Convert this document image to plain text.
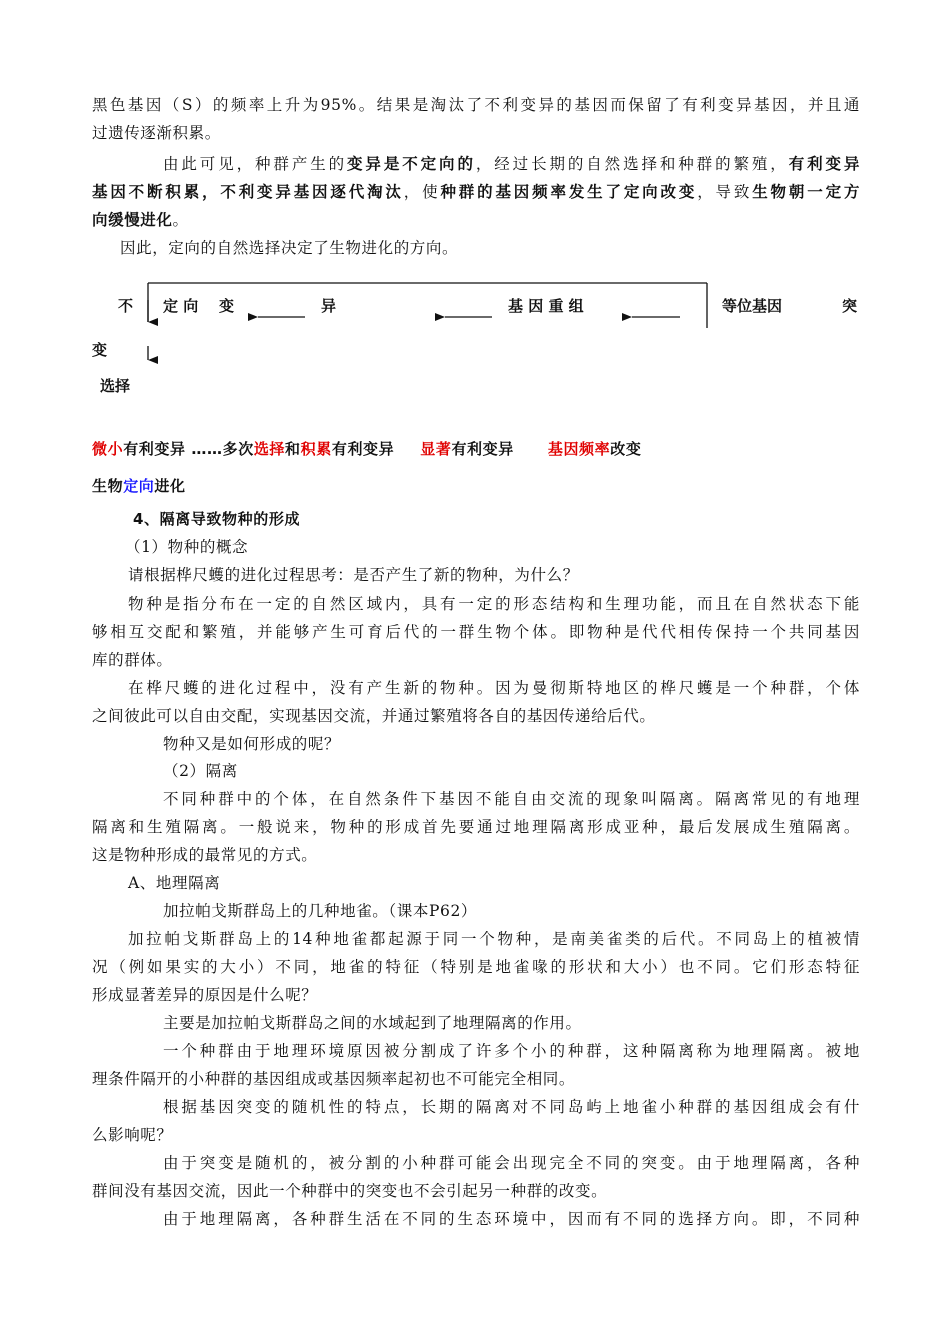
黑色基因（S）的频率上升为95%。结果是淘汰了不利变异的基因而保留了有利变异基因，并且通
过遗传逐渐积累。
由此可见，种群产生的变异是不定向的，经过长期的自然选择和种群的繁殖，有利变异
基因不断积累，不利变异基因逐代淘汰，使种群的基因频率发生了定向改变，导致生物朝一定方
向缓慢进化。
因此，定向的自然选择决定了生物进化的方向。
不 定 向 变	异	基 因 重 组	等位基因	突
变
选择
微小有利变异 ……多次选择和积累有利变异 显著有利变异 基因频率改变
生物定向进化
4、隔离导致物种的形成
（1）物种的概念
请根据桦尺蠖的进化过程思考：是否产生了新的物种，为什么？
物种是指分布在一定的自然区域内，具有一定的形态结构和生理功能，而且在自然状态下能
够相互交配和繁殖，并能够产生可育后代的一群生物个体。即物种是代代相传保持一个共同基因
库的群体。
在桦尺蠖的进化过程中，没有产生新的物种。因为曼彻斯特地区的桦尺蠖是一个种群，个体
之间彼此可以自由交配，实现基因交流，并通过繁殖将各自的基因传递给后代。
物种又是如何形成的呢？
（2）隔离
不同种群中的个体，在自然条件下基因不能自由交流的现象叫隔离。隔离常见的有地理
隔离和生殖隔离。一般说来，物种的形成首先要通过地理隔离形成亚种，最后发展成生殖隔离。
这是物种形成的最常见的方式。
A、地理隔离
加拉帕戈斯群岛上的几种地雀。（课本P62）
加拉帕戈斯群岛上的14种地雀都起源于同一个物种，是南美雀类的后代。不同岛上的植被情
况（例如果实的大小）不同，地雀的特征（特别是地雀喙的形状和大小）也不同。它们形态特征
形成显著差异的原因是什么呢？
主要是加拉帕戈斯群岛之间的水域起到了地理隔离的作用。
一个种群由于地理环境原因被分割成了许多个小的种群，这种隔离称为地理隔离。被地
理条件隔开的小种群的基因组成或基因频率起初也不可能完全相同。
根据基因突变的随机性的特点，长期的隔离对不同岛屿上地雀小种群的基因组成会有什
么影响呢？
由于突变是随机的，被分割的小种群可能会出现完全不同的突变。由于地理隔离，各种
群间没有基因交流，因此一个种群中的突变也不会引起另一种群的改变。
由于地理隔离，各种群生活在不同的生态环境中，因而有不同的选择方向。即，不同种
